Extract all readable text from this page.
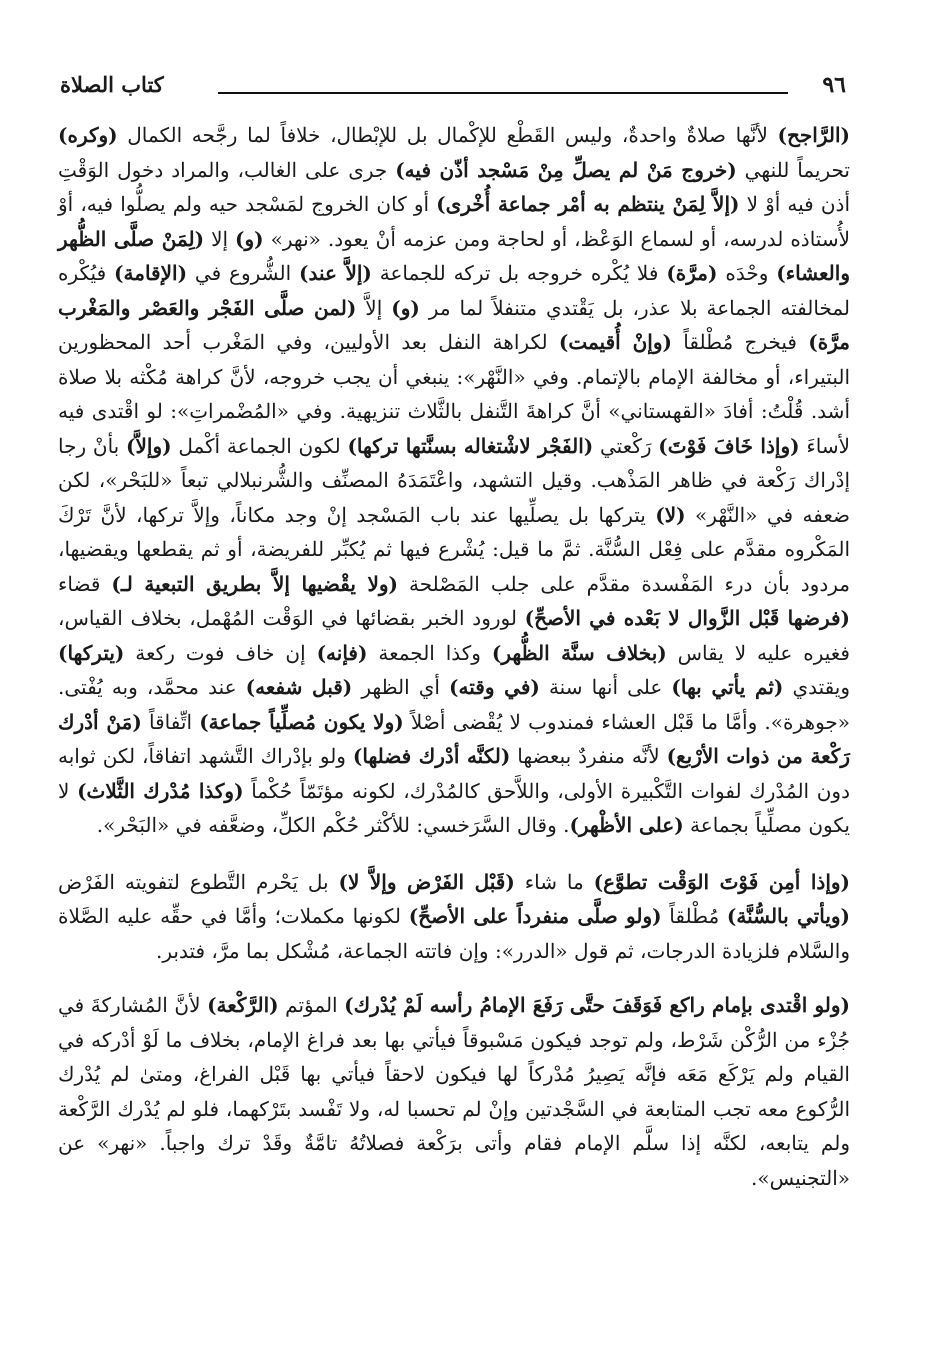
٩٦
كتاب الصلاة

(الرَّاجح) لأنَّها صلاةٌ واحدةٌ، وليس القَطْع للإكْمال بل للإبْطال، خلافاً لما رجَّحه الكمال (وكره) تحريماً للنهي (خروج مَنْ لم يصلِّ مِنْ مَسْجد أذّن فيه) جرى على الغالب، والمراد دخول الوَقْتِ أذن فيه أوْ لا (إلاَّ لِمَنْ ينتظم به أمْر جماعة أُخْرى) أو كان الخروج لمَسْجد حيه ولم يصلُّوا فيه، أوْ لأُستاذه لدرسه، أو لسماع الوَعْظ، أو لحاجة ومن عزمه أنْ يعود. «نهر» (و) إلا (لِمَنْ صلَّى الظُّهر والعشاء) وحْدَه (مرَّة) فلا يُكْره خروجه بل تركه للجماعة (إلاَّ عند) الشُّروع في (الإقامة) فيُكْره لمخالفته الجماعة بلا عذر، بل يَقْتدي متنفلاً لما مر (و) إلاَّ (لمن صلَّى الفَجْر والعَصْر والمَغْرب مرَّة) فيخرج مُطْلقاً (وإنْ أُقيمت) لكراهة النفل بعد الأوليين، وفي المَغْرب أحد المحظورين البتيراء، أو مخالفة الإمام بالإتمام. وفي «النَّهْر»: ينبغي أن يجب خروجه، لأنَّ كراهة مُكْثه بلا صلاة أشد. قُلْتُ: أفادَ «القهستاني» أنَّ كراهةَ التَّنفل بالثَّلاث تنزيهية. وفي «المُضْمراتِ»: لو اقْتدى فيه لأساءَ (وإذا خَافَ فَوْتَ) رَكْعتي (الفَجْر لاشْتغاله بسنَّتها تركها) لكون الجماعة أكْمل (وإلاَّ) بأنْ رجا إدْراك رَكْعة في ظاهر المَذْهب. وقيل التشهد، واعْتَمَدَهُ المصنِّف والشُّرنبلالي تبعاً «للبَحْر»، لكن ضعفه في «النَّهْر» (لا) يتركها بل يصلِّيها عند باب المَسْجد إنْ وجد مكاناً، وإلاَّ تركها، لأنَّ تَرْكَ المَكْروه مقدَّم على فِعْل السُّنَّة. ثمَّ ما قيل: يُشْرع فيها ثم يُكبِّر للفريضة، أو ثم يقطعها ويقضيها، مردود بأن درء المَفْسدة مقدَّم على جلب المَصْلحة (ولا يقْضيها إلاَّ بطريق التبعية لـ) قضاء (فرضها قَبْل الزَّوال لا بَعْده في الأصحِّ) لورود الخبر بقضائها في الوَقْت المُهْمل، بخلاف القياس، فغيره عليه لا يقاس (بخلاف سنَّة الظُّهر) وكذا الجمعة (فإنه) إن خاف فوت ركعة (يتركها) ويقتدي (ثم يأتي بها) على أنها سنة (في وقته) أي الظهر (قبل شفعه) عند محمَّد، وبه يُفْتى. «جوهرة». وأمَّا ما قَبْل العشاء فمندوب لا يُقْضى أصْلاً (ولا يكون مُصلِّياً جماعة) اتِّفاقاً (مَنْ أدْرك رَكْعة من ذوات الأرْبع) لأنَّه منفردٌ ببعضها (لكنَّه أدْرك فضلها) ولو بإدْراك التَّشهد اتفاقاً، لكن ثوابه دون المُدْرك لفوات التَّكْبيرة الأولى، واللاَّحق كالمُدْرك، لكونه مؤتَمّاً حُكْماً (وكذا مُدْرك الثَّلاث) لا يكون مصلِّياً بجماعة (على الأظْهر). وقال السَّرَخسي: للأكْثر حُكْم الكلِّ، وضعَّفه في «البَحْر».

(وإذا أمِن فَوْتَ الوَقْت تطوَّع) ما شاء (قَبْل الفَرْض وإلاَّ لا) بل يَحْرم التَّطوع لتفويته الفَرْض (ويأتي بالسُّنَّة) مُطْلقاً (ولو صلَّى منفرداً على الأصحِّ) لكونها مكملات؛ وأمَّا في حقِّه عليه الصَّلاة والسَّلام فلزيادة الدرجات، ثم قول «الدرر»: وإن فاتته الجماعة، مُشْكل بما مرَّ، فتدبر.

(ولو اقْتدى بإمام راكع فَوَقَفَ حتَّى رَفَعَ الإمامُ رأسه لَمْ يُدْرك) المؤتم (الرَّكْعة) لأنَّ المُشاركةَ في جُزْء من الرُّكْن شَرْط، ولم توجد فيكون مَسْبوقاً فيأتي بها بعد فراغ الإمام، بخلاف ما لَوْ أدْركه في القيام ولم يَرْكَع مَعَه فإنَّه يَصِيرُ مُدْركاً لها فيكون لاحقاً فيأتي بها قَبْل الفراغ، ومتىٰ لم يُدْرك الرُّكوع معه تجب المتابعة في السَّجْدتين وإنْ لم تحسبا له، ولا تَفْسد بتَرْكهما، فلو لم يُدْرك الرَّكْعة ولم يتابعه، لكنَّه إذا سلَّم الإمام فقام وأتى برَكْعة فصلاتُهُ تامَّةٌ وقَدْ ترك واجباً. «نهر» عن «التجنيس».
